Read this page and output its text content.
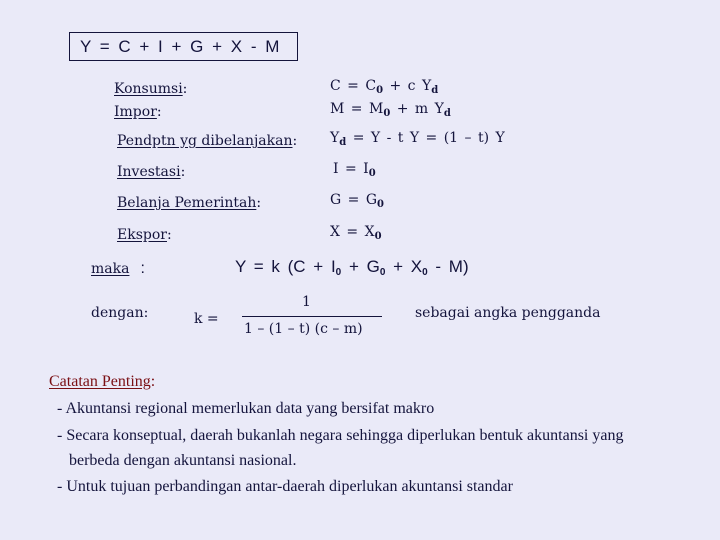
Y = C + I + G + X - M
Konsumsi:	$C = C_0 + c$ $Y_d$
Impor:	$M = M_0 + m$ $Y_d$
Pendptn yg dibelanjakan: $Y_d = Y - t$ Y = (1 – t) Y
Investasi:	$I = I_0$
Belanja Pemerintah:	$G = G_0$
Ekspor:	$X = X_0$
maka :	Y = k $(C + I_0 + G_0 + X_0 - M)$
dengan:	k =
1
1 – (1 – t) (c – m)
sebagai angka pengganda
Catatan Penting:
- Akuntansi regional memerlukan data yang bersifat makro
- Secara konseptual, daerah bukanlah negara sehingga diperlukan bentuk akuntansi yang
berbeda dengan akuntansi nasional.
- Untuk tujuan perbandingan antar-daerah diperlukan akuntansi standar
